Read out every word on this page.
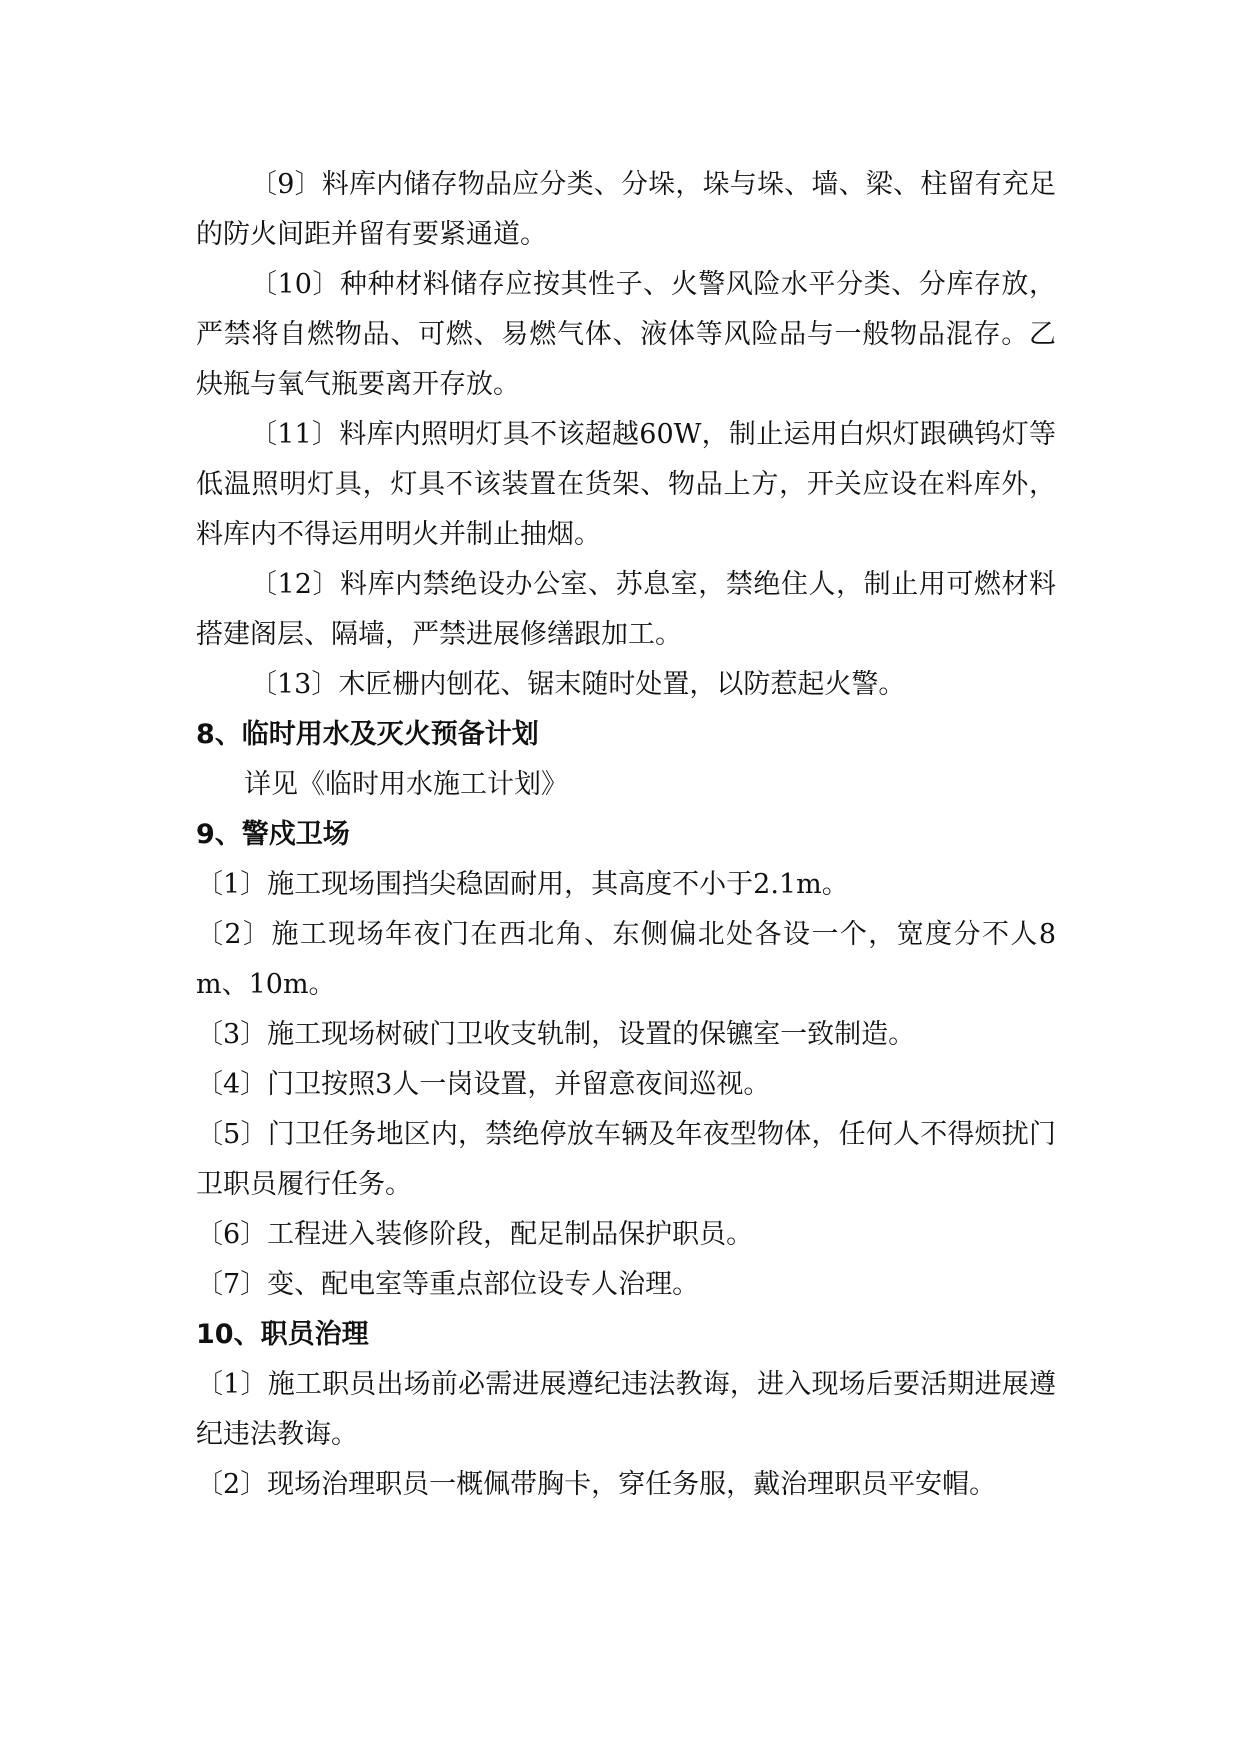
〔9〕料库内储存物品应分类、分垛，垛与垛、墙、梁、柱留有充足的防火间距并留有要紧通道。

〔10〕种种材料储存应按其性子、火警风险水平分类、分库存放，严禁将自燃物品、可燃、易燃气体、液体等风险品与一般物品混存。乙炔瓶与氧气瓶要离开存放。

〔11〕料库内照明灯具不该超越60W，制止运用白炽灯跟碘钨灯等低温照明灯具，灯具不该装置在货架、物品上方，开关应设在料库外，料库内不得运用明火并制止抽烟。

〔12〕料库内禁绝设办公室、苏息室，禁绝住人，制止用可燃材料搭建阁层、隔墙，严禁进展修缮跟加工。

〔13〕木匠栅内刨花、锯末随时处置，以防惹起火警。

8、临时用水及灭火预备计划

详见《临时用水施工计划》

9、警戍卫场

〔1〕施工现场围挡尖稳固耐用，其高度不小于2.1m。

〔2〕施工现场年夜门在西北角、东侧偏北处各设一个，宽度分不人8m、10m。

〔3〕施工现场树破门卫收支轨制，设置的保镳室一致制造。

〔4〕门卫按照3人一岗设置，并留意夜间巡视。

〔5〕门卫任务地区内，禁绝停放车辆及年夜型物体，任何人不得烦扰门卫职员履行任务。

〔6〕工程进入装修阶段，配足制品保护职员。

〔7〕变、配电室等重点部位设专人治理。

10、职员治理

〔1〕施工职员出场前必需进展遵纪违法教诲，进入现场后要活期进展遵纪违法教诲。

〔2〕现场治理职员一概佩带胸卡，穿任务服，戴治理职员平安帽。
